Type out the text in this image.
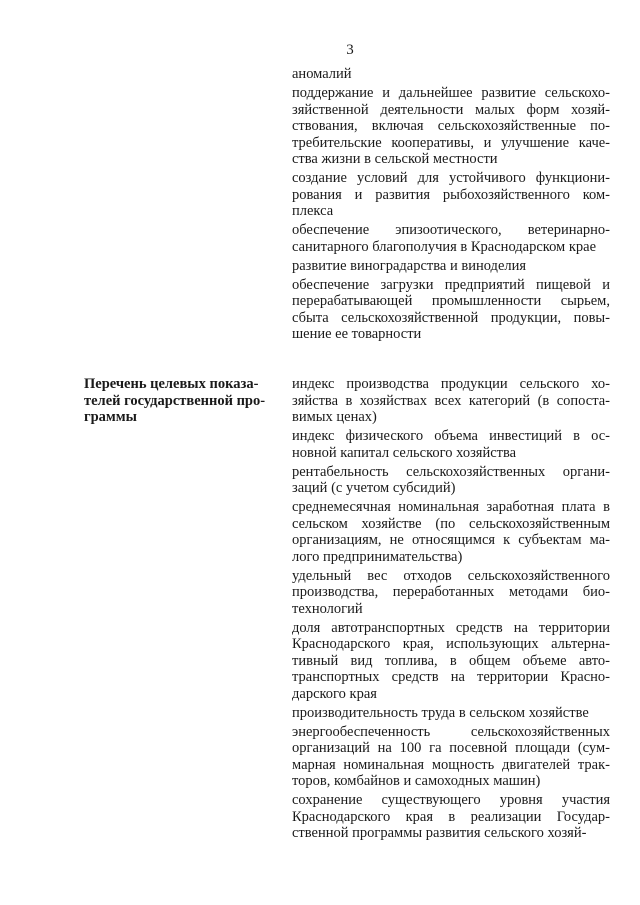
3

аномалий

поддержание и дальнейшее развитие сельскохо-зяйственной деятельности малых форм хозяй-ствования, включая сельскохозяйственные по-требительские кооперативы, и улучшение каче-ства жизни в сельской местности

создание условий для устойчивого функциони-рования и развития рыбохозяйственного ком-плекса

обеспечение эпизоотического, ветеринарно-санитарного благополучия в Краснодарском крае

развитие виноградарства и виноделия

обеспечение загрузки предприятий пищевой и перерабатывающей промышленности сырьем, сбыта сельскохозяйственной продукции, повы-шение ее товарности

Перечень целевых показа-телей государственной про-граммы

индекс производства продукции сельского хо-зяйства в хозяйствах всех категорий (в сопоста-вимых ценах)

индекс физического объема инвестиций в ос-новной капитал сельского хозяйства

рентабельность сельскохозяйственных органи-заций (с учетом субсидий)

среднемесячная номинальная заработная плата в сельском хозяйстве (по сельскохозяйственным организациям, не относящимся к субъектам ма-лого предпринимательства)

удельный вес отходов сельскохозяйственного производства, переработанных методами био-технологий

доля автотранспортных средств на территории Краснодарского края, использующих альтерна-тивный вид топлива, в общем объеме авто-транспортных средств на территории Красно-дарского края

производительность труда в сельском хозяйстве

энергообеспеченность сельскохозяйственных организаций на 100 га посевной площади (сум-марная номинальная мощность двигателей трак-торов, комбайнов и самоходных машин)

сохранение существующего уровня участия Краснодарского края в реализации Государ-ственной программы развития сельского хозяй-
